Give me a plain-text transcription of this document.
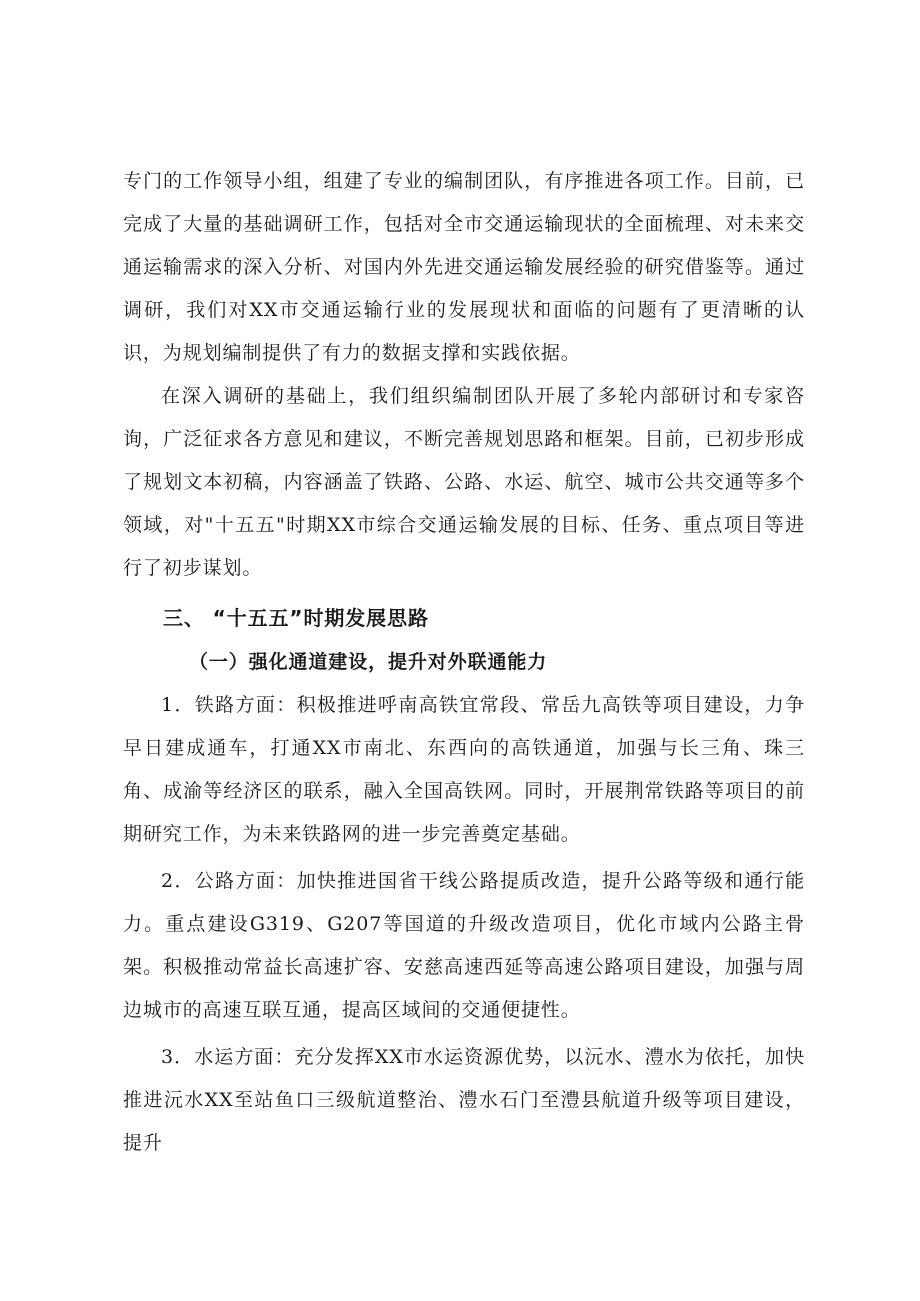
专门的工作领导小组，组建了专业的编制团队，有序推进各项工作。目前，已完成了大量的基础调研工作，包括对全市交通运输现状的全面梳理、对未来交通运输需求的深入分析、对国内外先进交通运输发展经验的研究借鉴等。通过调研，我们对XX市交通运输行业的发展现状和面临的问题有了更清晰的认识，为规划编制提供了有力的数据支撑和实践依据。

在深入调研的基础上，我们组织编制团队开展了多轮内部研讨和专家咨询，广泛征求各方意见和建议，不断完善规划思路和框架。目前，已初步形成了规划文本初稿，内容涵盖了铁路、公路、水运、航空、城市公共交通等多个领域，对"十五五"时期XX市综合交通运输发展的目标、任务、重点项目等进行了初步谋划。

三、 “十五五”时期发展思路

（一）强化通道建设，提升对外联通能力

1．铁路方面：积极推进呼南高铁宜常段、常岳九高铁等项目建设，力争早日建成通车，打通XX市南北、东西向的高铁通道，加强与长三角、珠三角、成渝等经济区的联系，融入全国高铁网。同时，开展荆常铁路等项目的前期研究工作，为未来铁路网的进一步完善奠定基础。

2．公路方面：加快推进国省干线公路提质改造，提升公路等级和通行能力。重点建设G319、G207等国道的升级改造项目，优化市域内公路主骨架。积极推动常益长高速扩容、安慈高速西延等高速公路项目建设，加强与周边城市的高速互联互通，提高区域间的交通便捷性。

3．水运方面：充分发挥XX市水运资源优势，以沅水、澧水为依托，加快推进沅水XX至站鱼口三级航道整治、澧水石门至澧县航道升级等项目建设，提升
